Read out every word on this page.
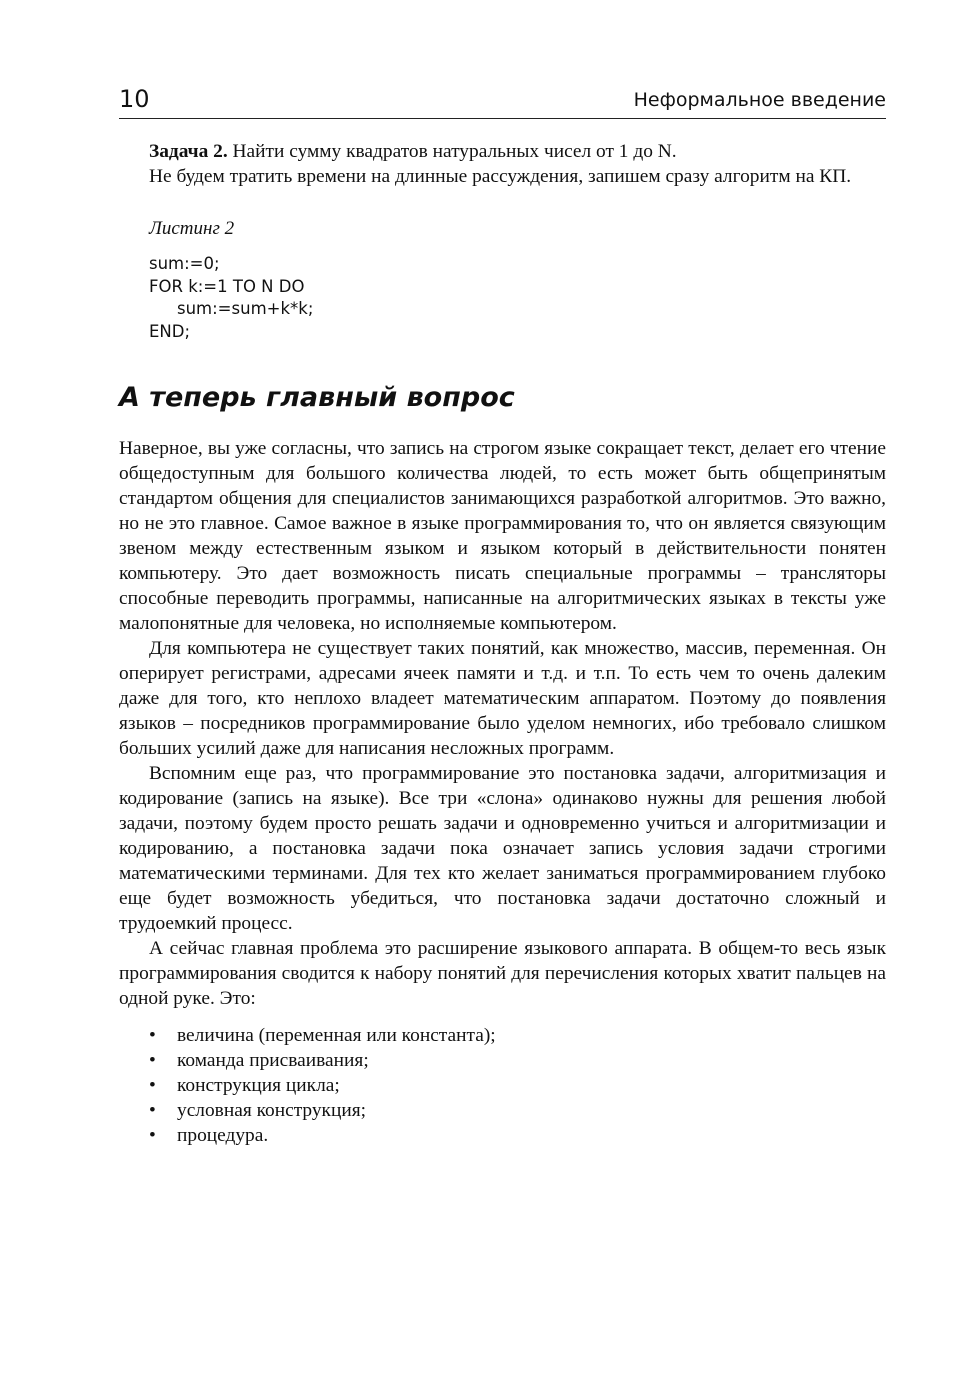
10	Неформальное введение

Задача 2. Найти сумму квадратов натуральных чисел от 1 до N.

Не будем тратить времени на длинные рассуждения, запишем сразу алгоритм на КП.

Листинг 2

sum:=0;
FOR k:=1 TO N DO
sum:=sum+k*k;
END;
А теперь главный вопрос

Наверное, вы уже согласны, что запись на строгом языке сокращает текст, делает его чтение общедоступным для большого количества людей, то есть может быть общепринятым стандартом общения для специалистов занимающихся разработкой алгоритмов. Это важно, но не это главное. Самое важное в языке программирования то, что он является связующим звеном между естественным языком и языком который в действительности понятен компьютеру. Это дает возможность писать специальные программы – трансляторы способные переводить программы, написанные на алгоритмических языках в тексты уже малопонятные для человека, но исполняемые компьютером.

Для компьютера не существует таких понятий, как множество, массив, переменная. Он оперирует регистрами, адресами ячеек памяти и т.д. и т.п. То есть чем то очень далеким даже для того, кто неплохо владеет математическим аппаратом. Поэтому до появления языков – посредников программирование было уделом немногих, ибо требовало слишком больших усилий даже для написания несложных программ.

Вспомним еще раз, что программирование это постановка задачи, алгоритмизация и кодирование (запись на языке). Все три «слона» одинаково нужны для решения любой задачи, поэтому будем просто решать задачи и одновременно учиться и алгоритмизации и кодированию, а постановка задачи пока означает запись условия задачи строгими математическими терминами. Для тех кто желает заниматься программированием глубоко еще будет возможность убедиться, что постановка задачи достаточно сложный и трудоемкий процесс.

А сейчас главная проблема это расширение языкового аппарата. В общем-то весь язык программирования сводится к набору понятий для перечисления которых хватит пальцев на одной руке. Это:

• величина (переменная или константа);
• команда присваивания;
• конструкция цикла;
• условная конструкция;
• процедура.
